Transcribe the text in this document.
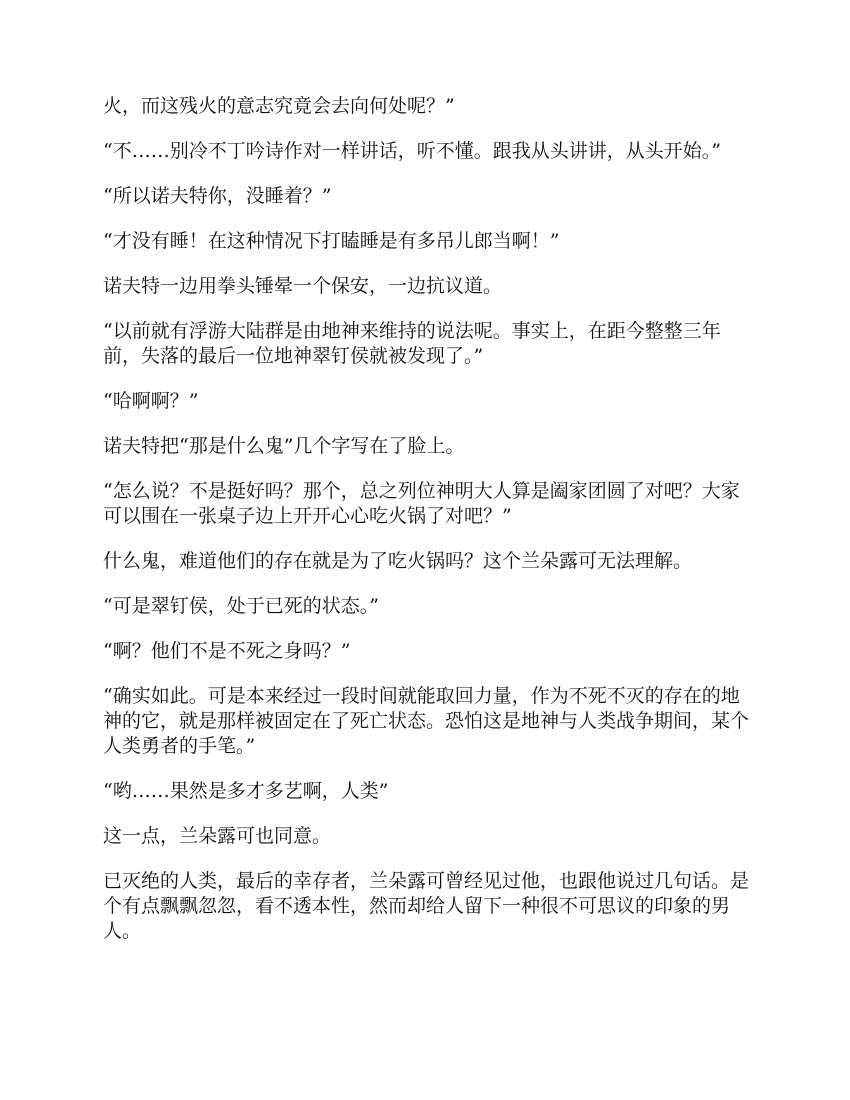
火，而这残火的意志究竟会去向何处呢？”

“不……别冷不丁吟诗作对一样讲话，听不懂。跟我从头讲讲，从头开始。”

“所以诺夫特你，没睡着？”

“才没有睡！在这种情况下打瞌睡是有多吊儿郎当啊！”

诺夫特一边用拳头锤晕一个保安，一边抗议道。

“以前就有浮游大陆群是由地神来维持的说法呢。事实上，在距今整整三年前，失落的最后一位地神翠钉侯就被发现了。”

“哈啊啊？”

诺夫特把“那是什么鬼”几个字写在了脸上。

“怎么说？不是挺好吗？那个，总之列位神明大人算是阖家团圆了对吧？大家可以围在一张桌子边上开开心心吃火锅了对吧？”

什么鬼，难道他们的存在就是为了吃火锅吗？这个兰朵露可无法理解。

“可是翠钉侯，处于已死的状态。”

“啊？他们不是不死之身吗？”

“确实如此。可是本来经过一段时间就能取回力量，作为不死不灭的存在的地神的它，就是那样被固定在了死亡状态。恐怕这是地神与人类战争期间，某个人类勇者的手笔。”

“哟……果然是多才多艺啊，人类”

这一点，兰朵露可也同意。

已灭绝的人类，最后的幸存者，兰朵露可曾经见过他，也跟他说过几句话。是个有点飘飘忽忽，看不透本性，然而却给人留下一种很不可思议的印象的男人。
